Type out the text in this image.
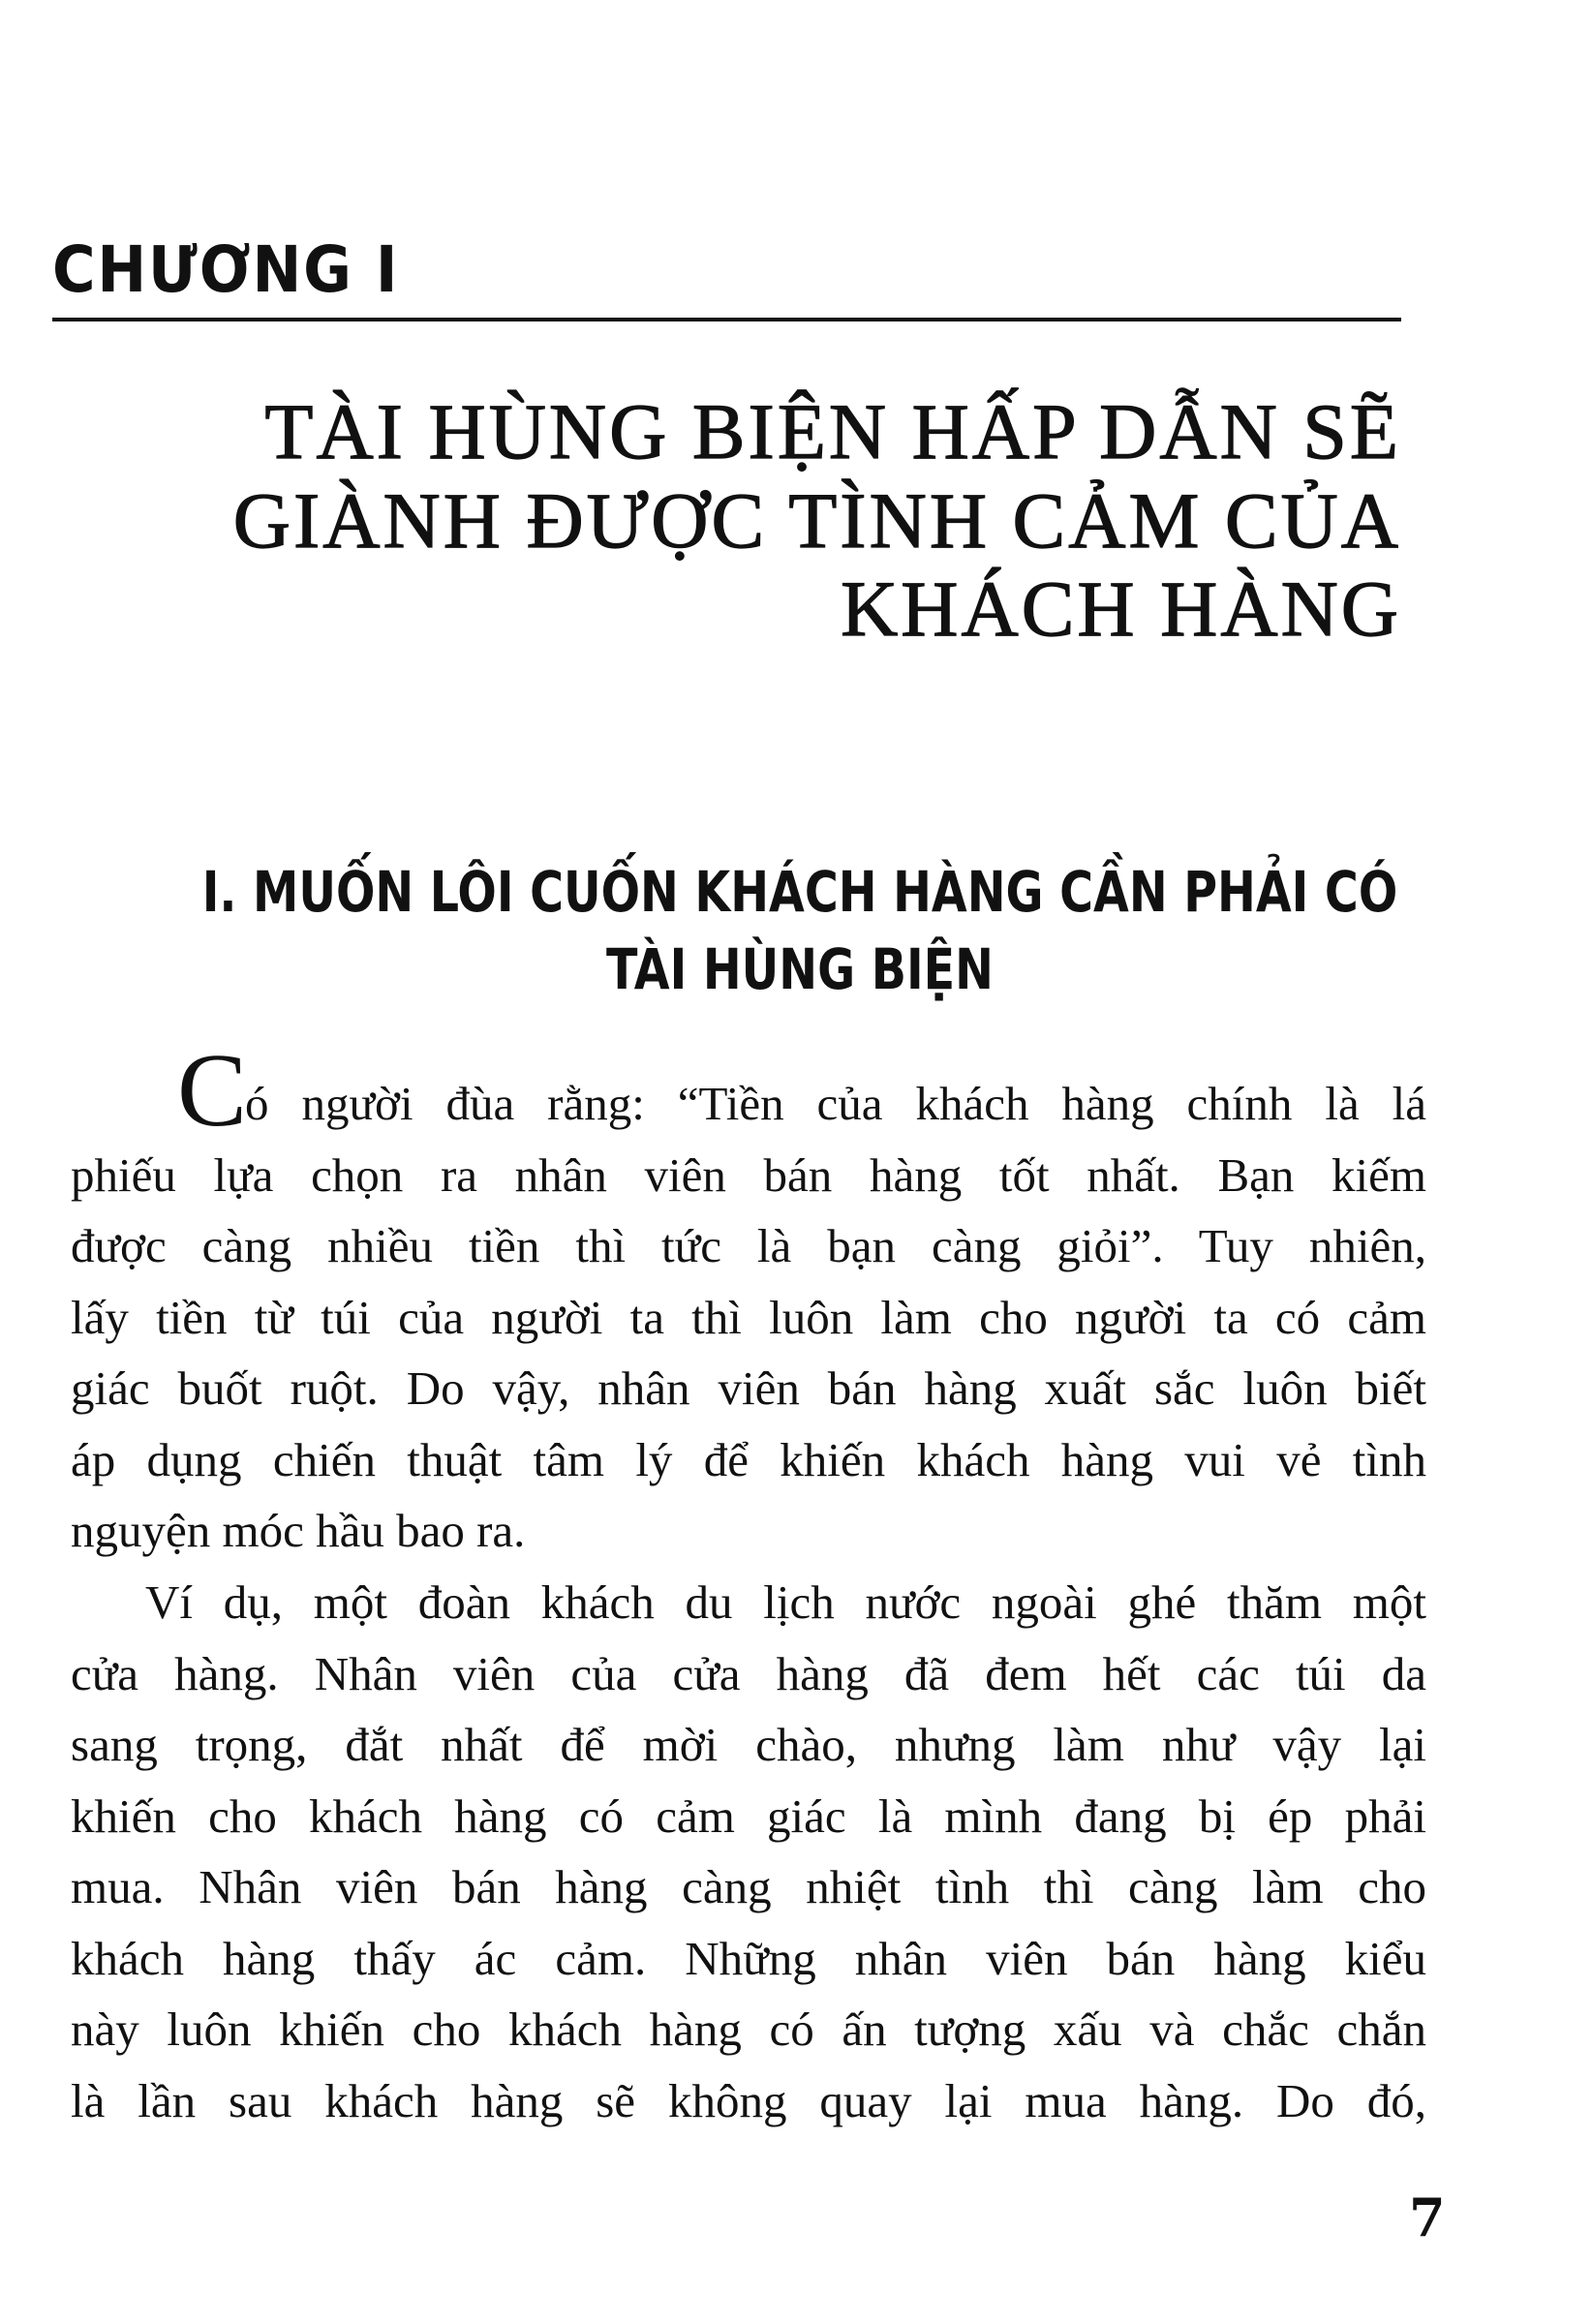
CHƯƠNG I
TÀI HÙNG BIỆN HẤP DẪN SẼ
GIÀNH ĐƯỢC TÌNH CẢM CỦA
KHÁCH HÀNG
I. MUỐN LÔI CUỐN KHÁCH HÀNG CẦN PHẢI CÓ
TÀI HÙNG BIỆN
Có người đùa rằng: “Tiền của khách hàng chính là lá
phiếu lựa chọn ra nhân viên bán hàng tốt nhất. Bạn kiếm
được càng nhiều tiền thì tức là bạn càng giỏi”. Tuy nhiên,
lấy tiền từ túi của người ta thì luôn làm cho người ta có cảm
giác buốt ruột. Do vậy, nhân viên bán hàng xuất sắc luôn biết
áp dụng chiến thuật tâm lý để khiến khách hàng vui vẻ tình
nguyện móc hầu bao ra.
Ví dụ, một đoàn khách du lịch nước ngoài ghé thăm một
cửa hàng. Nhân viên của cửa hàng đã đem hết các túi da
sang trọng, đắt nhất để mời chào, nhưng làm như vậy lại
khiến cho khách hàng có cảm giác là mình đang bị ép phải
mua. Nhân viên bán hàng càng nhiệt tình thì càng làm cho
khách hàng thấy ác cảm. Những nhân viên bán hàng kiểu
này luôn khiến cho khách hàng có ấn tượng xấu và chắc chắn
là lần sau khách hàng sẽ không quay lại mua hàng. Do đó,
7
